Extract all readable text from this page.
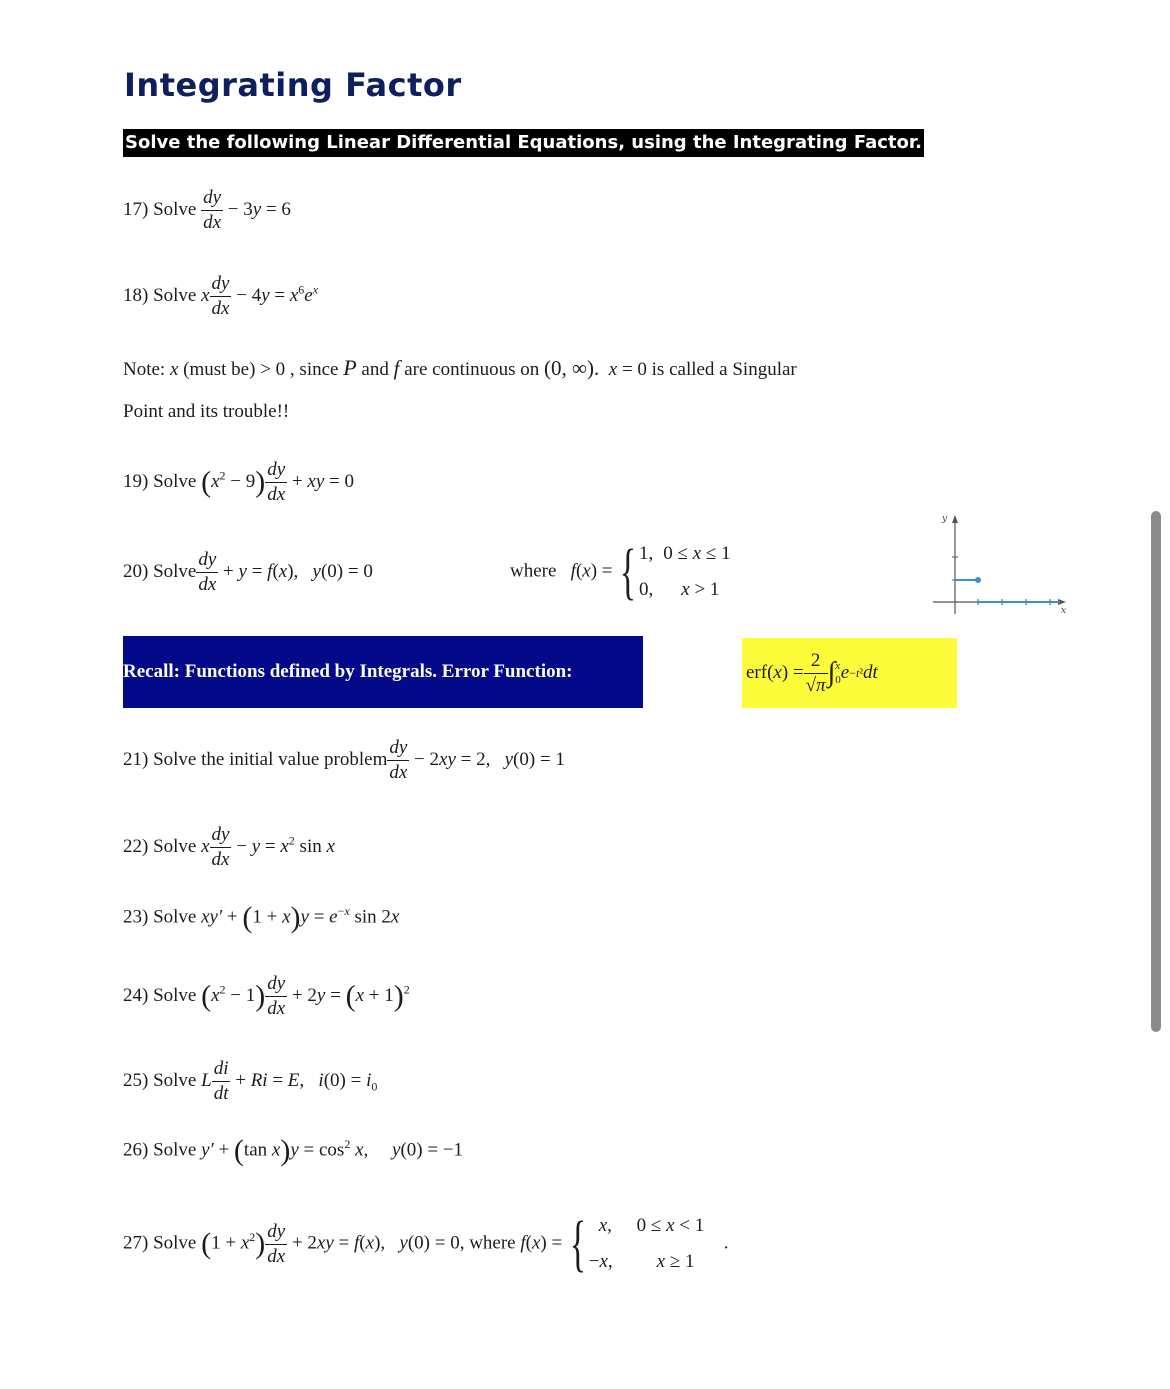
Integrating Factor
Solve the following Linear Differential Equations, using the Integrating Factor.
17) Solve $\frac{dy}{dx} - 3y = 6$
18) Solve x $\frac{dy}{dx} - 4y = x^6e^x$
Note: x (must be) > 0 , since P and f are continuous on (0, ∞). x = 0 is called a Singular
Point and its trouble!!
19) Solve $(x^2 - 9) \frac{dy}{dx}$ + xy = 0
20) Solve $\frac{dy}{dx} + y = f(x)$,   y(0) = 0	where f(x) = { 1,	0 ≤ x ≤ 1
0,	x > 1
y
x
Recall: Functions defined by Integrals. Error Function:	erf ( x ) = $\frac{2}{√\pi}$ ∫ x
0 e −t² dt
21) Solve the initial value problem $\frac{dy}{dx} - 2xy = 2$,   y(0) = 1
22) Solve x $\frac{dy}{dx} - y = x^2$ sin x
23) Solve $xy' + (1 + x)y = e^{-x}$ sin 2x
24) Solve $(x^2 - 1) \frac{dy}{dx} + 2y = (x + 1)^2$
25) Solve L $\frac{di}{dt} + Ri = E$,   $i(0) = i_0$
26) Solve y′ + (tan $x)y = \cos^2 x$,     y(0) = −1
27) Solve $(1 + x^2) \frac{dy}{dx} + 2xy = f(x)$,   y(0) = 0, where f(x) = { x,	0 ≤ x < 1
−x,	x ≥ 1  .
